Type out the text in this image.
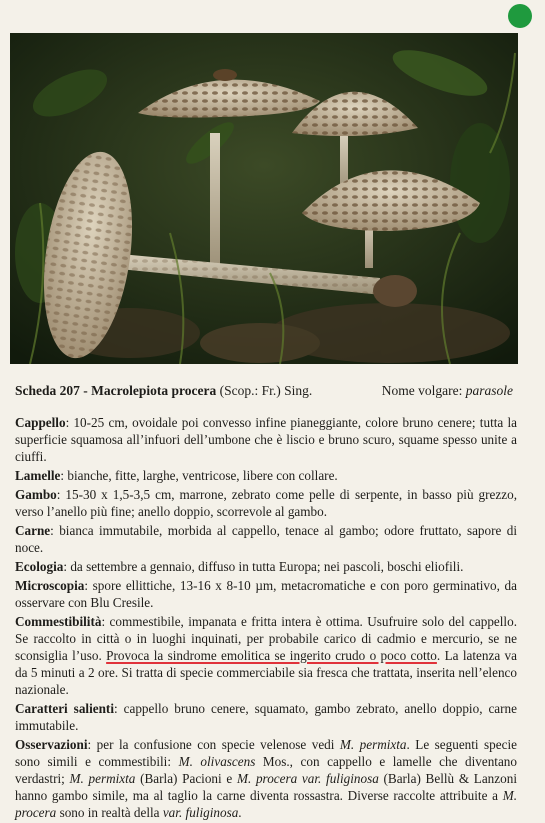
Scheda 207 - Macrolepiota procera (Scop.: Fr.) Sing.	Nome volgare: parasole

Cappello: 10-25 cm, ovoidale poi convesso infine pianeggiante, colore bruno cenere; tutta la superficie squamosa all’infuori dell’umbone che è liscio e bruno scuro, squame spesso unite a ciuffi.

Lamelle: bianche, fitte, larghe, ventricose, libere con collare.

Gambo: 15-30 x 1,5-3,5 cm, marrone, zebrato come pelle di serpente, in basso più grezzo, verso l’anello più fine; anello doppio, scorrevole al gambo.

Carne: bianca immutabile, morbida al cappello, tenace al gambo; odore fruttato, sapore di noce.

Ecologia: da settembre a gennaio, diffuso in tutta Europa; nei pascoli, boschi eliofili.

Microscopia: spore ellittiche, 13-16 x 8-10 µm, metacromatiche e con poro germinativo, da osservare con Blu Cresile.

Commestibilità: commestibile, impanata e fritta intera è ottima. Usufruire solo del cappello. Se raccolto in città o in luoghi inquinati, per probabile carico di cadmio e mercurio, se ne sconsiglia l’uso. Provoca la sindrome emolitica se ingerito crudo o poco cotto. La latenza va da 5 minuti a 2 ore. Si tratta di specie commerciabile sia fresca che trattata, inserita nell’elenco nazionale.

Caratteri salienti: cappello bruno cenere, squamato, gambo zebrato, anello doppio, carne immutabile.

Osservazioni: per la confusione con specie velenose vedi M. permixta. Le seguenti specie sono simili e commestibili: M. olivascens Mos., con cappello e lamelle che diventano verdastri; M. permixta (Barla) Pacioni e M. procera var. fuliginosa (Barla) Bellù & Lanzoni hanno gambo simile, ma al taglio la carne diventa rossastra. Diverse raccolte attribuite a M. procera sono in realtà della var. fuliginosa.
